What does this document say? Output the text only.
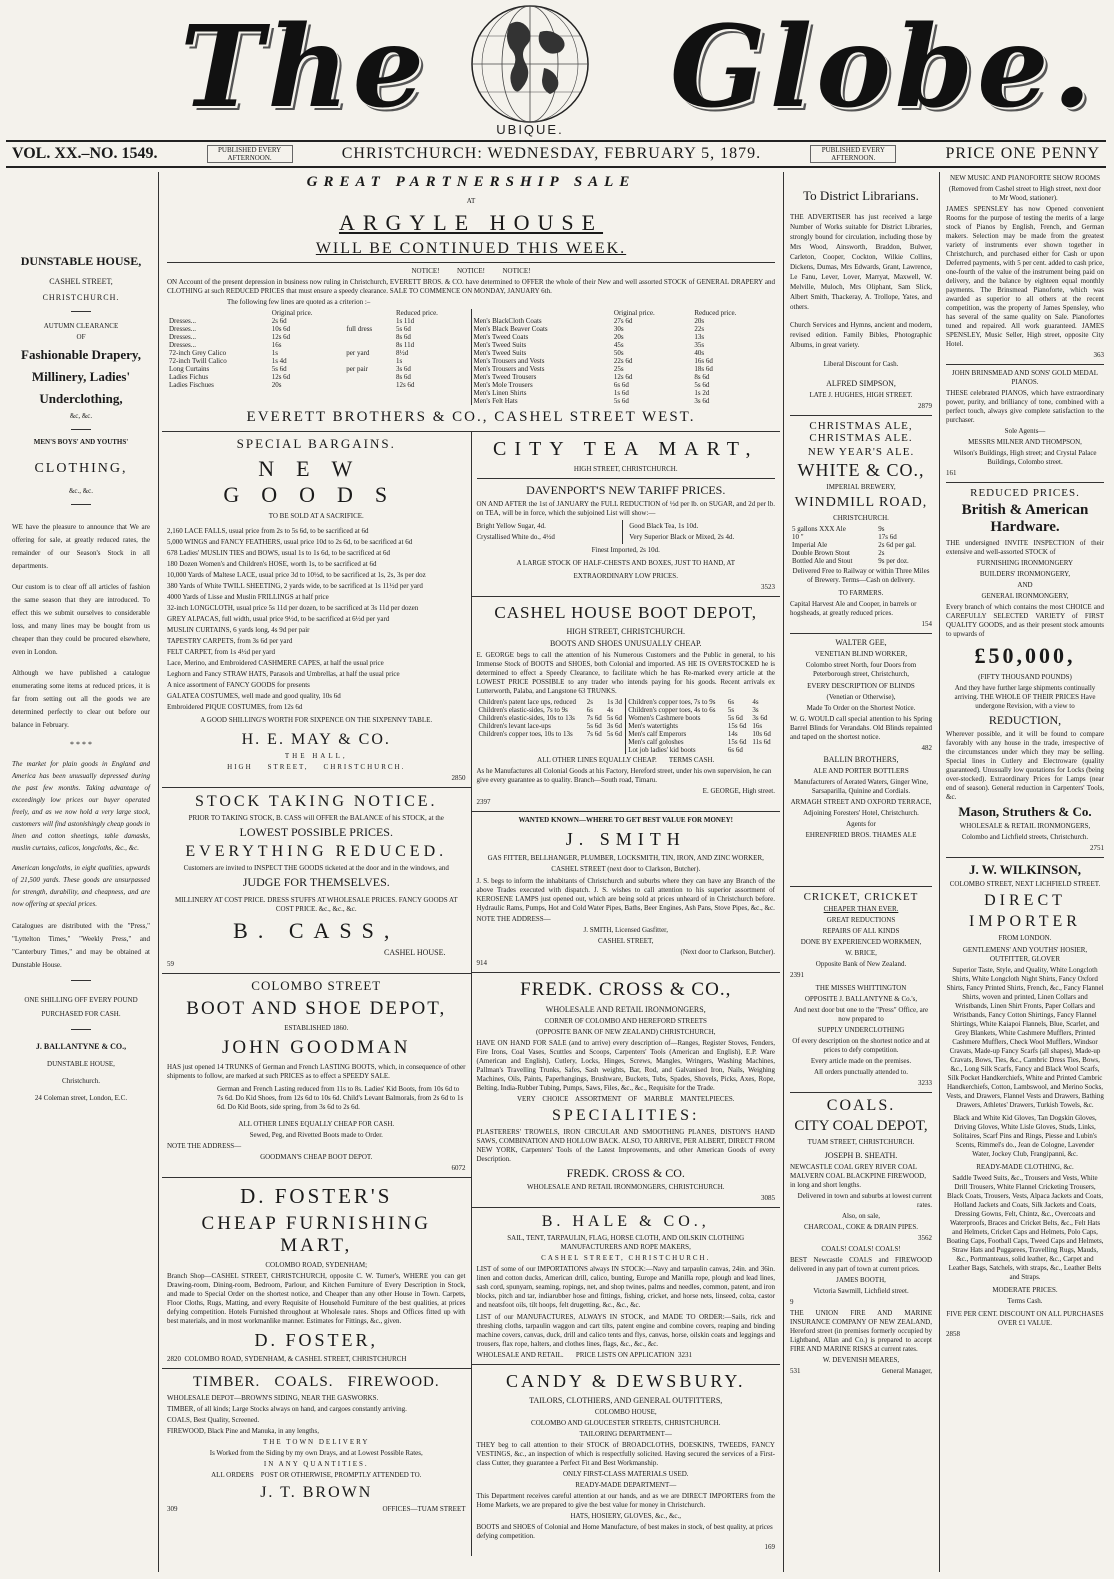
The	UBIQUE. Globe.
VOL. XX.–NO. 1549.	PUBLISHED EVERY AFTERNOON.	CHRISTCHURCH: WEDNESDAY, FEBRUARY 5, 1879.	PUBLISHED EVERY AFTERNOON.	PRICE ONE PENNY

DUNSTABLE HOUSE,

CASHEL STREET,

CHRISTCHURCH.

AUTUMN CLEARANCE

OF

Fashionable Drapery, Millinery, Ladies' Underclothing,

&c, &c.

MEN'S BOYS' AND YOUTHS'

CLOTHING,

&c., &c.

WE have the pleasure to announce that We are offering for sale, at greatly reduced rates, the remainder of our Season's Stock in all departments.

Our custom is to clear off all articles of fashion the same season that they are introduced. To effect this we submit ourselves to considerable loss, and many lines may be bought from us cheaper than they could be procured elsewhere, even in London.

Although we have published a catalogue enumerating some items at reduced prices, it is far from setting out all the goods we are determined perfectly to clear out before our balance in February.

* * * *

The market for plain goods in England and America has been unusually depressed during the past few months. Taking advantage of exceedingly low prices our buyer operated freely, and as we now hold a very large stock, customers will find astonishingly cheap goods in linen and cotton sheetings, table damasks, muslin curtains, calicos, longcloths, &c., &c.

American longcloths, in eight qualities, upwards of 21,500 yards. These goods are unsurpassed for strength, durability, and cheapness, and are now offering at special prices.

Catalogues are distributed with the "Press," "Lyttelton Times," "Weekly Press," and "Canterbury Times," and may be obtained at Dunstable House.

ONE SHILLING OFF EVERY POUND PURCHASED FOR CASH.

J. BALLANTYNE & CO.,

DUNSTABLE HOUSE,

Christchurch.

24 Coleman street, London, E.C.

GREAT PARTNERSHIP SALE

AT

ARGYLE HOUSE
WILL BE CONTINUED THIS WEEK.

NOTICE!          NOTICE!          NOTICE!

ON Account of the present depression in business now ruling in Christchurch, EVERETT BROS. & CO. have determined to OFFER the whole of their New and well assorted STOCK of GENERAL DRAPERY and CLOTHING at such REDUCED PRICES that must ensure a speedy clearance. SALE TO COMMENCE ON MONDAY, JANUARY 6th.

The following few lines are quoted as a criterion :–

	Original price.		Reduced price.
Dresses...	2s 6d		1s 11d
Dresses...	10s 6d	full dress	5s 6d
Dresses...	12s 6d		8s 6d
Dresses...	16s		8s 11d
72-inch Grey Calico	1s	per yard	8½d
72-inch Twill Calico	1s 4d		1s
Long Curtains	5s 6d	per pair	3s 6d
Ladies Fichus	12s 6d		8s 6d
Ladies Fischues	20s		12s 6d
	Original price.	Reduced price.
Men's BlackCloth Coats	27s 6d	20s
Men's Black Beaver Coats	30s	22s
Men's Tweed Coats	20s	13s
Men's Tweed Suits	45s	35s
Men's Tweed Suits	50s	40s
Men's Trousers and Vests	22s 6d	16s 6d
Men's Trousers and Vests	25s	18s 6d
Men's Tweed Trousers	12s 6d	8s 6d
Men's Mole Trousers	6s 6d	5s 6d
Men's Linen Shirts	1s 6d	1s 2d
Men's Felt Hats	5s 6d	3s 6d
EVERETT BROTHERS & CO., CASHEL STREET WEST.
SPECIAL BARGAINS.
NEW GOODS

TO BE SOLD AT A SACRIFICE.

2,160 LACE FALLS, usual price from 2s to 5s 6d, to be sacrificed at 6d

5,000 WINGS and FANCY FEATHERS, usual price 10d to 2s 6d, to be sacrificed at 6d

678 Ladies' MUSLIN TIES and BOWS, usual 1s to 1s 6d, to be sacrificed at 6d

180 Dozen Women's and Children's HOSE, worth 1s, to be sacrificed at 6d

10,000 Yards of Maltese LACE, usual price 3d to 10½d, to be sacrificed at 1s, 2s, 3s per doz

380 Yards of White TWILL SHEETING, 2 yards wide, to be sacrificed at 1s 11½d per yard

4000 Yards of Lisse and Muslin FRILLINGS at half price

32-inch LONGCLOTH, usual price 5s 11d per dozen, to be sacrificed at 3s 11d per dozen

GREY ALPACAS, full width, usual price 9½d, to be sacrificed at 6½d per yard

MUSLIN CURTAINS, 6 yards long, 4s 9d per pair

TAPESTRY CARPETS, from 3s 6d per yard

FELT CARPET, from 1s 4½d per yard

Lace, Merino, and Embroidered CASHMERE CAPES, at half the usual price

Leghorn and Fancy STRAW HATS, Parasols and Umbrellas, at half the usual price

A nice assortment of FANCY GOODS for presents

GALATEA COSTUMES, well made and good quality, 10s 6d

Embroidered PIQUE COSTUMES, from 12s 6d

A GOOD SHILLING'S WORTH FOR SIXPENCE ON THE SIXPENNY TABLE.

H. E. MAY & CO.

THE HALL,

HIGH    STREET,    CHRISTCHURCH.

2850

STOCK TAKING NOTICE.

PRIOR TO TAKING STOCK, B. CASS will OFFER the BALANCE of his STOCK, at the

LOWEST POSSIBLE PRICES.
EVERYTHING REDUCED.

Customers are invited to INSPECT THE GOODS ticketed at the door and in the windows, and

JUDGE FOR THEMSELVES.

MILLINERY AT COST PRICE. DRESS STUFFS AT WHOLESALE PRICES. FANCY GOODS AT COST PRICE. &c., &c., &c.

B. CASS,

CASHEL HOUSE.

59

COLOMBO STREET
BOOT AND SHOE DEPOT,

ESTABLISHED 1860.

JOHN GOODMAN

HAS just opened 14 TRUNKS of German and French LASTING BOOTS, which, in consequence of other shipments to follow, are marked at such PRICES as to effect a SPEEDY SALE.

German and French Lasting reduced from 11s to 8s. Ladies' Kid Boots, from 10s 6d to 7s 6d. Do Kid Shoes, from 12s 6d to 10s 6d. Child's Levant Balmorals, from 2s 6d to 1s 6d. Do Kid Boots, side spring, from 3s 6d to 2s 6d.

ALL OTHER LINES EQUALLY CHEAP FOR CASH.

Sewed, Peg, and Rivetted Boots made to Order.

NOTE THE ADDRESS—

GOODMAN'S CHEAP BOOT DEPOT.

6072

D. FOSTER'S
CHEAP FURNISHING MART,

COLOMBO ROAD, SYDENHAM;

Branch Shop—CASHEL STREET, CHRISTCHURCH, opposite C. W. Turner's, WHERE you can get Drawing-room, Dining-room, Bedroom, Parlour, and Kitchen Furniture of Every Description in Stock, and made to Special Order on the shortest notice, and Cheaper than any other House in Town. Carpets, Floor Cloths, Rugs, Matting, and every Requisite of Household Furniture of the best qualities, at prices defying competition. Hotels Furnished throughout at Wholesale rates. Shops and Offices fitted up with best materials, and in most workmanlike manner. Estimates for Fittings, &c., given.

D. FOSTER,

2820 COLOMBO ROAD, SYDENHAM, & CASHEL STREET, CHRISTCHURCH

TIMBER.   COALS.   FIREWOOD.

WHOLESALE DEPOT—BROWN'S SIDING, NEAR THE GASWORKS.

TIMBER, of all kinds; Large Stocks always on hand, and cargoes constantly arriving.

COALS, Best Quality, Screened.

FIREWOOD, Black Pine and Manuka, in any lengths,

THE TOWN DELIVERY

Is Worked from the Siding by my own Drays, and at Lowest Possible Rates,

IN ANY QUANTITIES.

ALL ORDERS    POST OR OTHERWISE, PROMPTLY ATTENDED TO.

J. T. BROWN

309	OFFICES—TUAM STREET

CITY TEA MART,

HIGH STREET, CHRISTCHURCH.

DAVENPORT'S NEW TARIFF PRICES.

ON AND AFTER the 1st of JANUARY the FULL REDUCTION of ½d per lb. on SUGAR, and 2d per lb. on TEA, will be in force, which the subjoined List will show:—

Bright Yellow Sugar, 4d.

Crystallised White do., 4½d

Good Black Tea, 1s 10d.

Very Superior Black or Mixed, 2s 4d.

Finest Imported, 2s 10d.

A LARGE STOCK OF HALF-CHESTS AND BOXES, JUST TO HAND, AT

EXTRAORDINARY LOW PRICES.

3523

CASHEL HOUSE BOOT DEPOT,

HIGH STREET, CHRISTCHURCH.

BOOTS AND SHOES UNUSUALLY CHEAP.

E. GEORGE begs to call the attention of his Numerous Customers and the Public in general, to his Immense Stock of BOOTS and SHOES, both Colonial and imported. AS HE IS OVERSTOCKED he is determined to effect a Speedy Clearance, to facilitate which he has Re-marked every article at the LOWEST PRICE POSSIBLE to any trader who intends paying for his goods. Recent arrivals ex Lutterworth, Palaba, and Langstone 63 TRUNKS.

Children's patent lace ups, reduced	2s	1s 3d
Children's elastic-sides, 7s to 9s	6s	4s
Children's elastic-sides, 10s to 13s	7s 6d	5s 6d
Children's levant lace-ups	5s 6d	3s 6d
Children's copper toes, 10s to 13s	7s 6d	5s 6d
Children's copper toes, 7s to 9s	6s	4s
Children's copper toes, 4s to 6s	5s	3s
Women's Cashmere boots	5s 6d	3s 6d
Men's watertights	15s 6d	16s
Men's calf Emperors	14s	10s 6d
Men's calf goloshes	15s 6d	11s 6d
Lot job ladies' kid boots	6s 6d	

ALL OTHER LINES EQUALLY CHEAP.       TERMS CASH.

As he Manufactures all Colonial Goods at his Factory, Hereford street, under his own supervision, he can give every guarantee as to quality. Branch—South road, Timaru.

E. GEORGE, High street.

2397

WANTED KNOWN—WHERE TO GET BEST VALUE FOR MONEY!

J. SMITH

GAS FITTER, BELLHANGER, PLUMBER, LOCKSMITH, TIN, IRON, AND ZINC WORKER,

CASHEL STREET (next door to Clarkson, Butcher).

J. S. begs to inform the inhabitants of Christchurch and suburbs where they can have any Branch of the above Trades executed with dispatch. J. S. wishes to call attention to his superior assortment of KEROSENE LAMPS just opened out, which are being sold at prices unheard of in Christchurch before. Hydraulic Rams, Pumps, Hot and Cold Water Pipes, Baths, Beer Engines, Ash Pans, Stove Pipes, &c., &c.

NOTE THE ADDRESS—

J. SMITH, Licensed Gasfitter,

CASHEL STREET,

(Next door to Clarkson, Butcher).

914

FREDK. CROSS & CO.,

WHOLESALE AND RETAIL IRONMONGERS,

CORNER OF COLOMBO AND HEREFORD STREETS

(OPPOSITE BANK OF NEW ZEALAND) CHRISTCHURCH,

HAVE ON HAND FOR SALE (and to arrive) every description of—Ranges, Register Stoves, Fenders, Fire Irons, Coal Vases, Scuttles and Scoops, Carpenters' Tools (American and English), E.P. Ware (American and English), Cutlery, Locks, Hinges, Screws, Mangles, Wringers, Washing Machines, Pallman's Travelling Trunks, Safes, Sash weights, Bar, Rod, and Galvanised Iron, Nails, Weighing Machines, Oils, Paints, Paperhangings, Brushware, Buckets, Tubs, Spades, Shovels, Picks, Axes, Rope, Belting, India-Rubber Tubing, Pumps, Saws, Files, &c., &c., Requisite for the Trade.

VERY    CHOICE    ASSORTMENT    OF    MARBLE    MANTELPIECES.

SPECIALITIES:

PLASTERERS' TROWELS, IRON CIRCULAR AND SMOOTHING PLANES, DISTON'S HAND SAWS, COMBINATION AND HOLLOW BACK. ALSO, TO ARRIVE, PER ALBERT, DIRECT FROM NEW YORK, Carpenters' Tools of the Latest Improvements, and other American Goods of every Description.

FREDK. CROSS & CO.

WHOLESALE AND RETAIL IRONMONGERS, CHRISTCHURCH.

3085

B. HALE & CO.,

SAIL, TENT, TARPAULIN, FLAG, HORSE CLOTH, AND OILSKIN CLOTHING MANUFACTURERS AND ROPE MAKERS,

CASHEL STREET, CHRISTCHURCH.

LIST of some of our IMPORTATIONS always IN STOCK:—Navy and tarpaulin canvas, 24in. and 36in. linen and cotton ducks, American drill, calico, bunting, Europe and Manilla rope, plough and lead lines, sash cord, spunyarn, seaming, ropings, net, and shop twines, palms and needles, common, patent, and iron blocks, pitch and tar, indiarubber hose and fittings, fishing, cricket, and horse nets, linseed, colza, castor and neatsfoot oils, tilt hoops, felt drugetting, &c., &c., &c.

LIST of our MANUFACTURES, ALWAYS IN STOCK, and MADE TO ORDER:—Sails, rick and threshing cloths, tarpaulin waggon and cart tilts, patent engine and combine covers, reaping and binding machine covers, canvas, duck, drill and calico tents and flys, canvas, horse, oilskin coats and leggings and trousers, flax rope, halters, and clothes lines, flags, &c., &c., &c.

WHOLESALE AND RETAIL.       PRICE LISTS ON APPLICATION 3231

CANDY & DEWSBURY.

TAILORS, CLOTHIERS, AND GENERAL OUTFITTERS,

COLOMBO HOUSE,

COLOMBO AND GLOUCESTER STREETS, CHRISTCHURCH.

TAILORING DEPARTMENT—

THEY beg to call attention to their STOCK of BROADCLOTHS, DOESKINS, TWEEDS, FANCY VESTINGS, &c., an inspection of which is respectfully solicited. Having secured the services of a First-class Cutter, they guarantee a Perfect Fit and Best Workmanship.

ONLY FIRST-CLASS MATERIALS USED.

READY-MADE DEPARTMENT—

This Department receives careful attention at our hands, and as we are DIRECT IMPORTERS from the Home Markets, we are prepared to give the best value for money in Christchurch.

HATS, HOSIERY, GLOVES, &c., &c.,

BOOTS and SHOES of Colonial and Home Manufacture, of best makes in stock, of best quality, at prices defying competition.

169

To District Librarians.

THE ADVERTISER has just received a large Number of Works suitable for District Libraries, strongly bound for circulation, including those by Mrs Wood, Ainsworth, Braddon, Bulwer, Carleton, Cooper, Cockton, Wilkie Collins, Dickens, Dumas, Mrs Edwards, Grant, Lawrence, Le Fanu, Lever, Lover, Marryat, Maxwell, W. Melville, Muloch, Mrs Oliphant, Sam Slick, Albert Smith, Thackeray, A. Trollope, Yates, and others.

Church Services and Hymns, ancient and modern, revised edition. Family Bibles, Photographic Albums, in great variety.

Liberal Discount for Cash.

ALFRED SIMPSON,

LATE J. HUGHES, HIGH STREET.

2879

CHRISTMAS ALE, CHRISTMAS ALE.

NEW YEAR'S ALE.

WHITE & CO.,

IMPERIAL BREWERY,

WINDMILL ROAD,

CHRISTCHURCH.

5 gallons XXX Ale	9s
10 "	17s 6d
Imperial Ale	2s 6d per gal.
Double Brown Stout	2s
Bottled Ale and Stout	9s per doz.

Delivered Free to Railway or within Three Miles of Brewery. Terms—Cash on delivery.

TO FARMERS.

Capital Harvest Ale and Cooper, in barrels or hogsheads, at greatly reduced prices.

154

WALTER GEE,

VENETIAN BLIND WORKER,

Colombo street North, four Doors from Peterborough street, Christchurch,

EVERY DESCRIPTION OF BLINDS

(Venetian or Otherwise),

Made To Order on the Shortest Notice.

W. G. WOULD call special attention to his Spring Barrel Blinds for Verandahs. Old Blinds repainted and taped on the shortest notice.

482

BALLIN BROTHERS,

ALE AND PORTER BOTTLERS

Manufacturers of Aerated Waters, Ginger Wine, Sarsaparilla, Quinine and Cordials.

ARMAGH STREET AND OXFORD TERRACE,

Adjoining Foresters' Hotel, Christchurch.

Agents for

EHRENFRIED BROS. THAMES ALE

CRICKET, CRICKET

CHEAPER THAN EVER.

GREAT REDUCTIONS

REPAIRS OF ALL KINDS

DONE BY EXPERIENCED WORKMEN,

W. BRICE,

Opposite Bank of New Zealand.

2391

THE MISSES WHITTINGTON

OPPOSITE J. BALLANTYNE & Co.'s,

And next door but one to the "Press" Office, are now prepared to

SUPPLY UNDERCLOTHING

Of every description on the shortest notice and at prices to defy competition.

Every article made on the premises.

All orders punctually attended to.

3233

COALS.
CITY COAL DEPOT,

TUAM STREET, CHRISTCHURCH.

JOSEPH B. SHEATH.

NEWCASTLE COAL GREY RIVER COAL MALVERN COAL BLACKPINE FIREWOOD, in long and short lengths.

Delivered in town and suburbs at lowest current rates.

Also, on sale,

CHARCOAL, COKE & DRAIN PIPES.

3562

COALS! COALS! COALS!

BEST Newcastle COALS and FIREWOOD delivered in any part of town at current prices.

JAMES BOOTH,

Victoria Sawmill, Lichfield street.

9

THE UNION FIRE AND MARINE INSURANCE COMPANY OF NEW ZEALAND, Hereford street (in premises formerly occupied by Lightband, Allan and Co.) is prepared to accept FIRE AND MARINE RISKS at current rates.

W. DEVENISH MEARES,

531	General Manager,

NEW MUSIC AND PIANOFORTE SHOW ROOMS

(Removed from Cashel street to High street, next door to Mr Wood, stationer).

JAMES SPENSLEY has now Opened convenient Rooms for the purpose of testing the merits of a large stock of Pianos by English, French, and German makers. Selection may be made from the greatest variety of instruments ever shown together in Christchurch, and purchased either for Cash or upon Deferred payments, with 5 per cent. added to cash price, one-fourth of the value of the instrument being paid on delivery, and the balance by eighteen equal monthly payments. The Brinsmead Pianoforte, which was awarded as superior to all others at the recent competition, was the property of James Spensley, who has several of the same quality on Sale. Pianofortes tuned and repaired. All work guaranteed. JAMES SPENSLEY, Music Seller, High street, opposite City Hotel.

363

JOHN BRINSMEAD AND SONS' GOLD MEDAL PIANOS.

THESE celebrated PIANOS, which have extraordinary power, purity, and brilliancy of tone, combined with a perfect touch, always give complete satisfaction to the purchaser.

Sole Agents—

MESSRS MILNER AND THOMPSON,

Wilson's Buildings, High street; and Crystal Palace Buildings, Colombo street.

161

REDUCED PRICES.
British & American Hardware.

THE undersigned INVITE INSPECTION of their extensive and well-assorted STOCK of

FURNISHING IRONMONGERY

BUILDERS' IRONMONGERY,

AND

GENERAL IRONMONGERY,

Every branch of which contains the most CHOICE and CAREFULLY SELECTED VARIETY of FIRST QUALITY GOODS, and as their present stock amounts to upwards of

£50,000,

(FIFTY THOUSAND POUNDS)

And they have further large shipments continually arriving. THE WHOLE OF THEIR PRICES Have undergone Revision, with a view to

REDUCTION,

Wherever possible, and it will be found to compare favorably with any house in the trade, irrespective of the circumstances under which they may be selling. Special lines in Cutlery and Electroware (quality guaranteed). Unusually low quotations for Locks (being over-stocked). Extraordinary Prices for Lamps (near end of season). General reduction in Carpenters' Tools, &c.

Mason, Struthers & Co.

WHOLESALE & RETAIL IRONMONGERS,

Colombo and Lichfield streets, Christchurch.

2751

J. W. WILKINSON,

COLOMBO STREET, NEXT LICHFIELD STREET.

DIRECT
IMPORTER

FROM LONDON.

GENTLEMENS' AND YOUTHS' HOSIER, OUTFITTER, GLOVER

Superior Taste, Style, and Quality, White Longcloth Shirts, White Longcloth Night Shirts, Fancy Oxford Shirts, Fancy Printed Shirts, French, &c., Fancy Flannel Shirts, woven and printed, Linen Collars and Wristbands, Linen Shirt Fronts, Paper Collars and Wristbands, Fancy Cotton Shirtings, Fancy Flannel Shirtings, White Kaiapoi Flannels, Blue, Scarlet, and Grey Blankets, White Cashmere Mufflers, Printed Cashmere Mufflers, Check Wool Mufflers, Windsor Cravats, Made-up Fancy Scarfs (all shapes), Made-up Cravats, Bows, Ties, &c., Cambric Dress Ties, Bows, &c., Long Silk Scarfs, Fancy and Black Wool Scarfs, Silk Pocket Handkerchiefs, White and Printed Cambric Handkerchiefs, Cotton, Lambswool, and Merino Socks, Vests, and Drawers, Flannel Vests and Drawers, Bathing Drawers, Athletes' Drawers, Turkish Towels, &c.

Black and White Kid Gloves, Tan Dogskin Gloves, Driving Gloves, White Lisle Gloves, Studs, Links, Solitaires, Scarf Pins and Rings, Piesse and Lubin's Scents, Rimmel's do., Jean de Cologne, Lavender Water, Jockey Club, Frangipanni, &c.

READY-MADE CLOTHING, &c.

Saddle Tweed Suits, &c., Trousers and Vests, White Drill Trousers, White Flannel Cricketing Trousers, Black Coats, Trousers, Vests, Alpaca Jackets and Coats, Holland Jackets and Coats, Silk Jackets and Coats, Dressing Gowns, Felt, Chintz, &c., Overcoats and Waterproofs, Braces and Cricket Belts, &c., Felt Hats and Helmets, Cricket Caps and Helmets, Polo Caps, Boating Caps, Football Caps, Tweed Caps and Helmets, Straw Hats and Puggarees, Travelling Rugs, Mauds, &c., Portmanteaus, solid leather, &c., Carpet and Leather Bags, Satchels, with straps, &c., Leather Belts and Straps.

MODERATE PRICES.

Terms Cash.

FIVE PER CENT. DISCOUNT ON ALL PURCHASES OVER £1 VALUE.

2858
